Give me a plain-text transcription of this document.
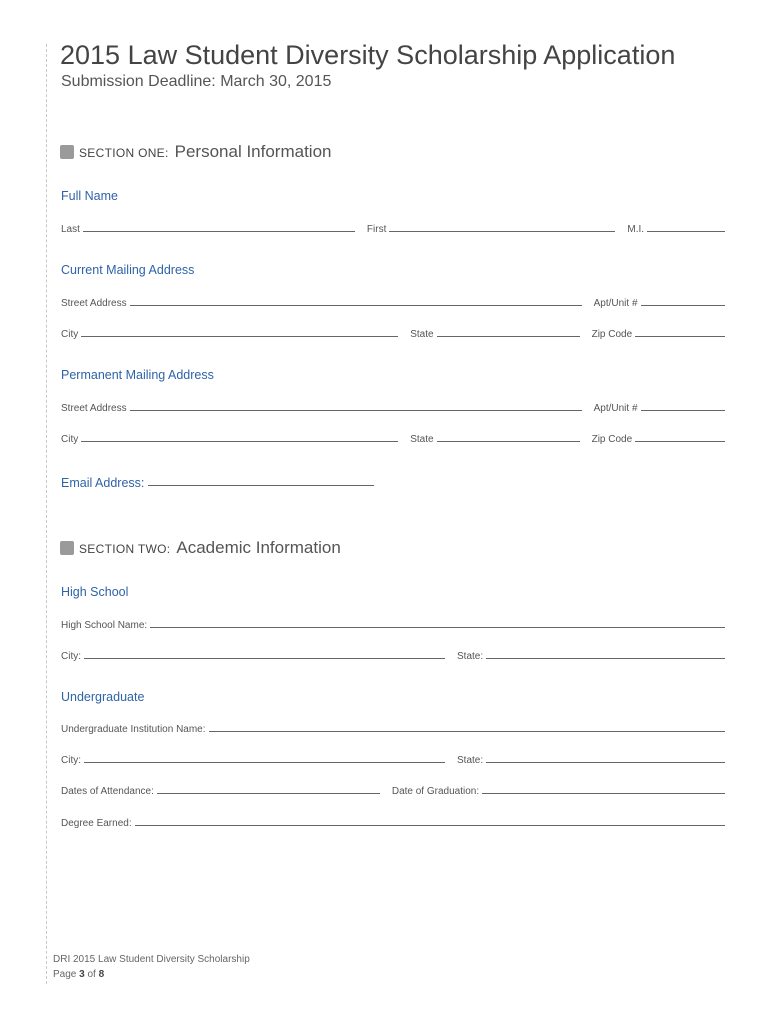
2015 Law Student Diversity Scholarship Application
Submission Deadline: March 30, 2015
SECTION ONE: Personal Information
Full Name
Last	First	M.I.
Current Mailing Address
Street Address	Apt/Unit #
City	State	Zip Code
Permanent Mailing Address
Street Address	Apt/Unit #
City	State	Zip Code
Email Address:
SECTION TWO: Academic Information
High School
High School Name:
City:	State:
Undergraduate
Undergraduate Institution Name:
City:	State:
Dates of Attendance:	Date of Graduation:
Degree Earned:
DRI 2015 Law Student Diversity Scholarship
Page 3 of 8
